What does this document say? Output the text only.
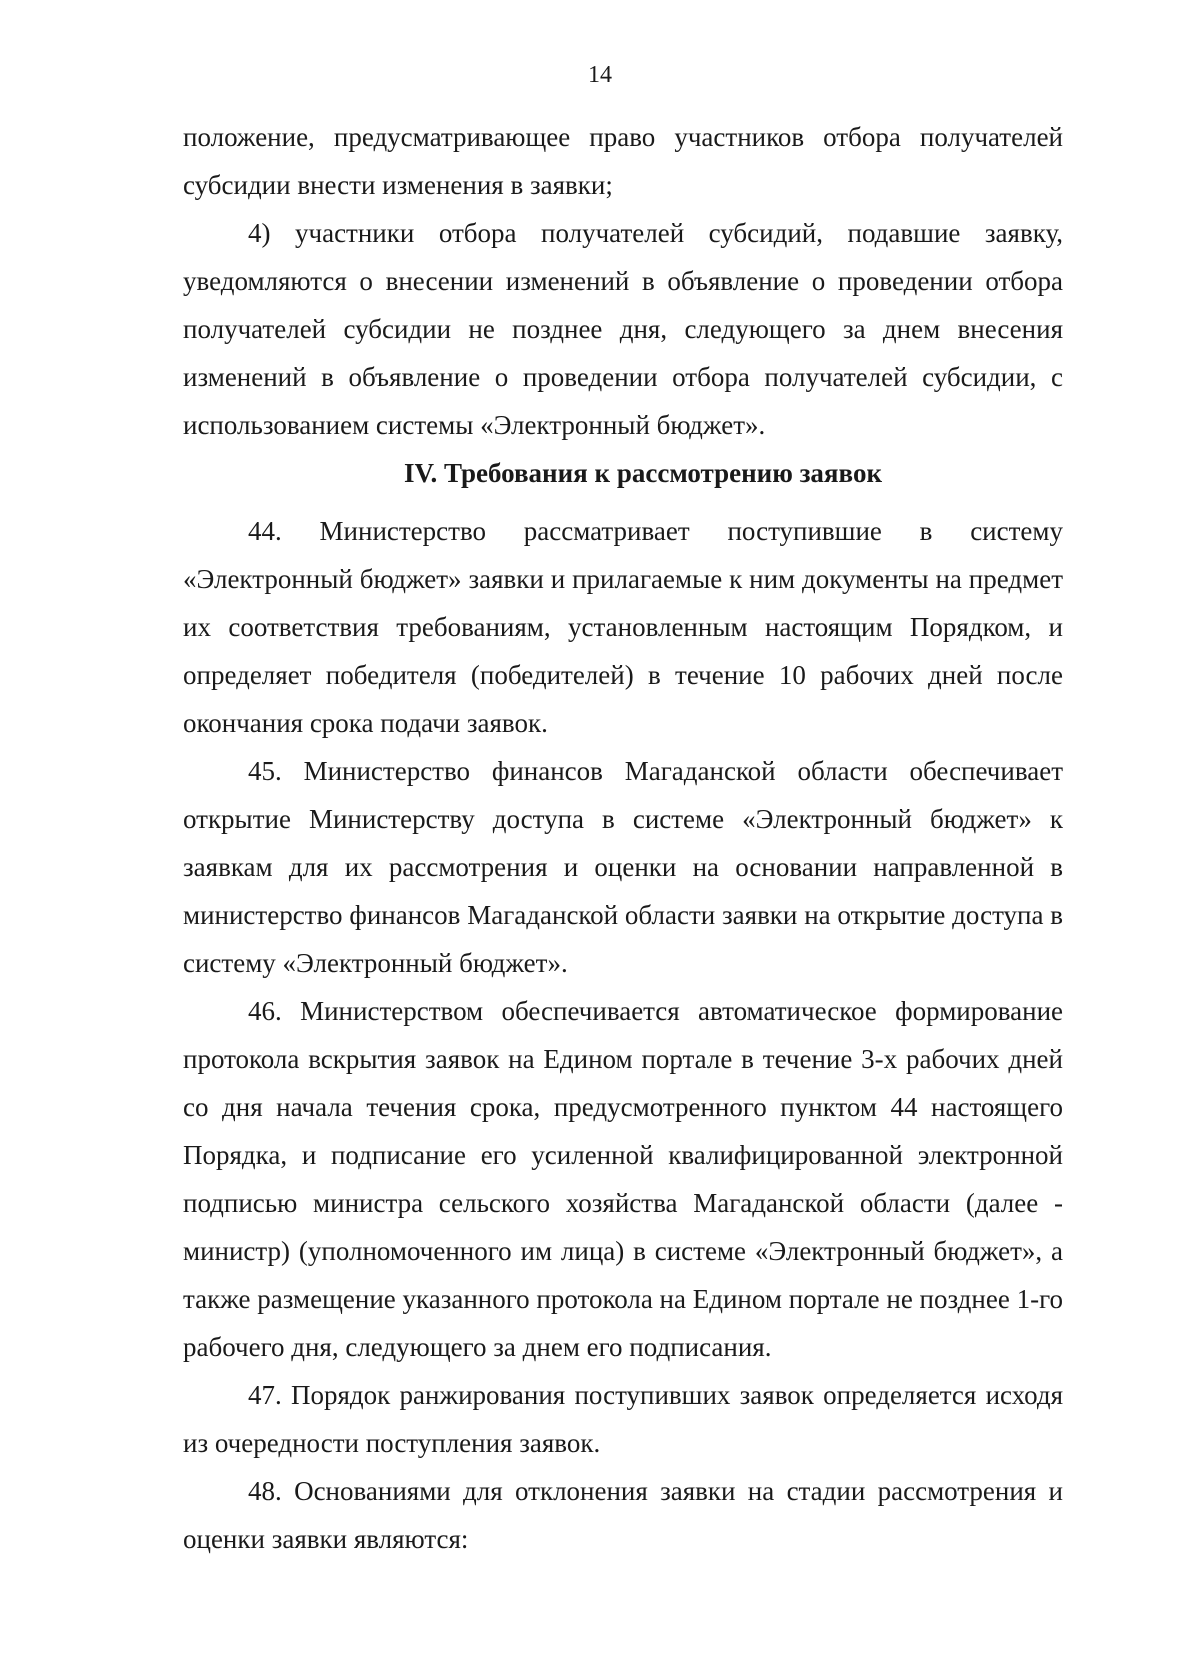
14

положение, предусматривающее право участников отбора получателей субсидии внести изменения в заявки;

4) участники отбора получателей субсидий, подавшие заявку, уведомляются о внесении изменений в объявление о проведении отбора получателей субсидии не позднее дня, следующего за днем внесения изменений в объявление о проведении отбора получателей субсидии, с использованием системы «Электронный бюджет».

IV. Требования к рассмотрению заявок

44. Министерство рассматривает поступившие в систему «Электронный бюджет» заявки и прилагаемые к ним документы на предмет их соответствия требованиям, установленным настоящим Порядком, и определяет победителя (победителей) в течение 10 рабочих дней после окончания срока подачи заявок.

45. Министерство финансов Магаданской области обеспечивает открытие Министерству доступа в системе «Электронный бюджет» к заявкам для их рассмотрения и оценки на основании направленной в министерство финансов Магаданской области заявки на открытие доступа в систему «Электронный бюджет».

46. Министерством обеспечивается автоматическое формирование протокола вскрытия заявок на Едином портале в течение 3-х рабочих дней со дня начала течения срока, предусмотренного пунктом 44 настоящего Порядка, и подписание его усиленной квалифицированной электронной подписью министра сельского хозяйства Магаданской области (далее - министр) (уполномоченного им лица) в системе «Электронный бюджет», а также размещение указанного протокола на Едином портале не позднее 1-го рабочего дня, следующего за днем его подписания.

47. Порядок ранжирования поступивших заявок определяется исходя из очередности поступления заявок.

48. Основаниями для отклонения заявки на стадии рассмотрения и оценки заявки являются:
